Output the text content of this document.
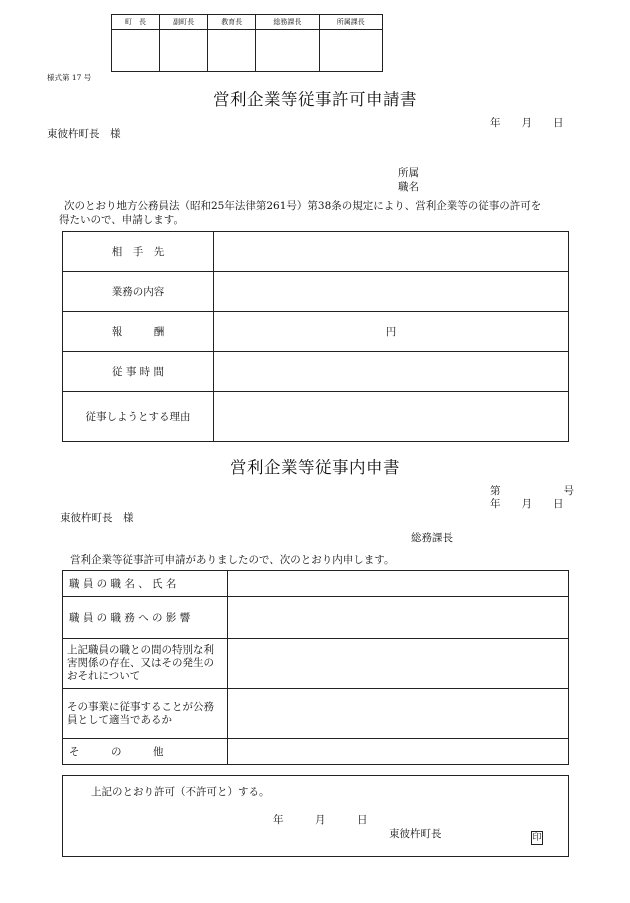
町　長	副町長	教育長	総務課長	所属課長

様式第 17 号
営利企業等従事許可申請書
年　　月　　日
東彼杵町長　様
所属
職名
次のとおり地方公務員法（昭和25年法律第261号）第38条の規定により、営利企業等の従事の許可を
得たいので、申請します。
相　手　先	
業務の内容	
報　　　酬	円
従 事 時 間	
従事しようとする理由	
営利企業等従事内申書
第　　　　　　号
年　　月　　日
東彼杵町長　様
総務課長
営利企業等従事許可申請がありましたので、次のとおり内申します。
職 員 の 職 名 、 氏 名	
職 員 の 職 務 へ の 影 響	
上記職員の職との間の特別な利害関係の存在、又はその発生のおそれについて	
その事業に従事することが公務員として適当であるか	
そ　　　の　　　他	
上記のとおり許可（不許可と）する。
年　　　月　　　日
東彼杵町長	印
